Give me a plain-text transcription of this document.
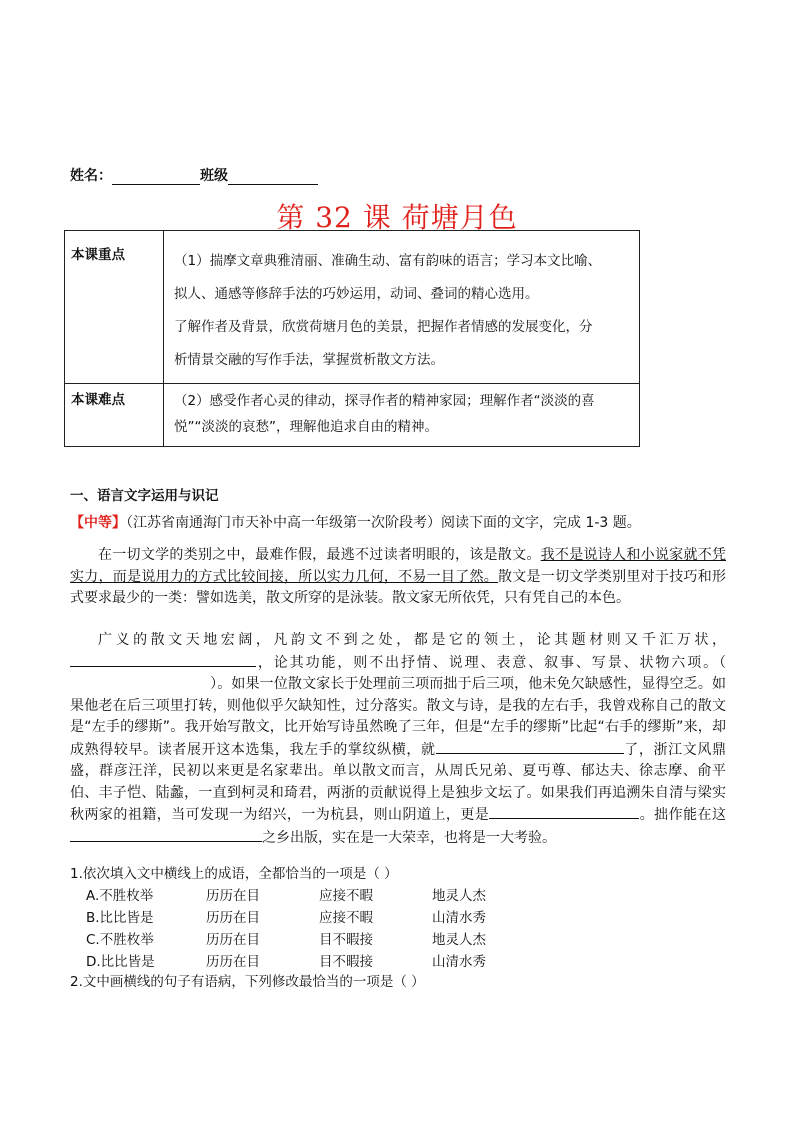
姓名：	班级
第 32 课 荷塘月色
本课重点	（1）揣摩文章典雅清丽、准确生动、富有韵味的语言；学习本文比喻、
拟人、通感等修辞手法的巧妙运用，动词、叠词的精心选用。
了解作者及背景，欣赏荷塘月色的美景，把握作者情感的发展变化，分
析情景交融的写作手法，掌握赏析散文方法。

本课难点	（2）感受作者心灵的律动，探寻作者的精神家园；理解作者“淡淡的喜
悦”“淡淡的哀愁”，理解他追求自由的精神。
一、语言文字运用与识记
【中等】（江苏省南通海门市天补中高一年级第一次阶段考）阅读下面的文字，完成 1-3 题。
在一切文学的类别之中，最难作假，最逃不过读者明眼的，该是散文。我不是说诗人和小说家就不凭实力，而是说用力的方式比较间接，所以实力几何，不易一目了然。散文是一切文学类别里对于技巧和形式要求最少的一类：譬如选美，散文所穿的是泳装。散文家无所依凭，只有凭自己的本色。
广义的散文天地宏阔，凡韵文不到之处，都是它的领土，论其题材则又千汇万状，，论其功能，则不出抒情、说理、表意、叙事、写景、状物六项。（）。如果一位散文家长于处理前三项而拙于后三项，他未免欠缺感性，显得空乏。如果他老在后三项里打转，则他似乎欠缺知性，过分落实。散文与诗，是我的左右手，我曾戏称自己的散文是“左手的缪斯”。我开始写散文，比开始写诗虽然晚了三年，但是“左手的缪斯”比起“右手的缪斯”来，却成熟得较早。读者展开这本选集，我左手的掌纹纵横，就	了，浙江文风鼎盛，群彦汪洋，民初以来更是名家辈出。单以散文而言，从周氏兄弟、夏丏尊、郁达夫、徐志摩、俞平伯、丰子恺、陆蠡，一直到柯灵和琦君，两浙的贡献说得上是独步文坛了。如果我们再追溯朱自清与梁实秋两家的祖籍，当可发现一为绍兴，一为杭县，则山阴道上，更是	。拙作能在这之乡出版，实在是一大荣幸，也将是一大考验。
1.依次填入文中横线上的成语，全都恰当的一项是（ ）
A.不胜枚举	历历在目	应接不暇	地灵人杰
B.比比皆是	历历在目	应接不暇	山清水秀
C.不胜枚举	历历在目	目不暇接	地灵人杰
D.比比皆是	历历在目	目不暇接	山清水秀
2.文中画横线的句子有语病，下列修改最恰当的一项是（ ）
